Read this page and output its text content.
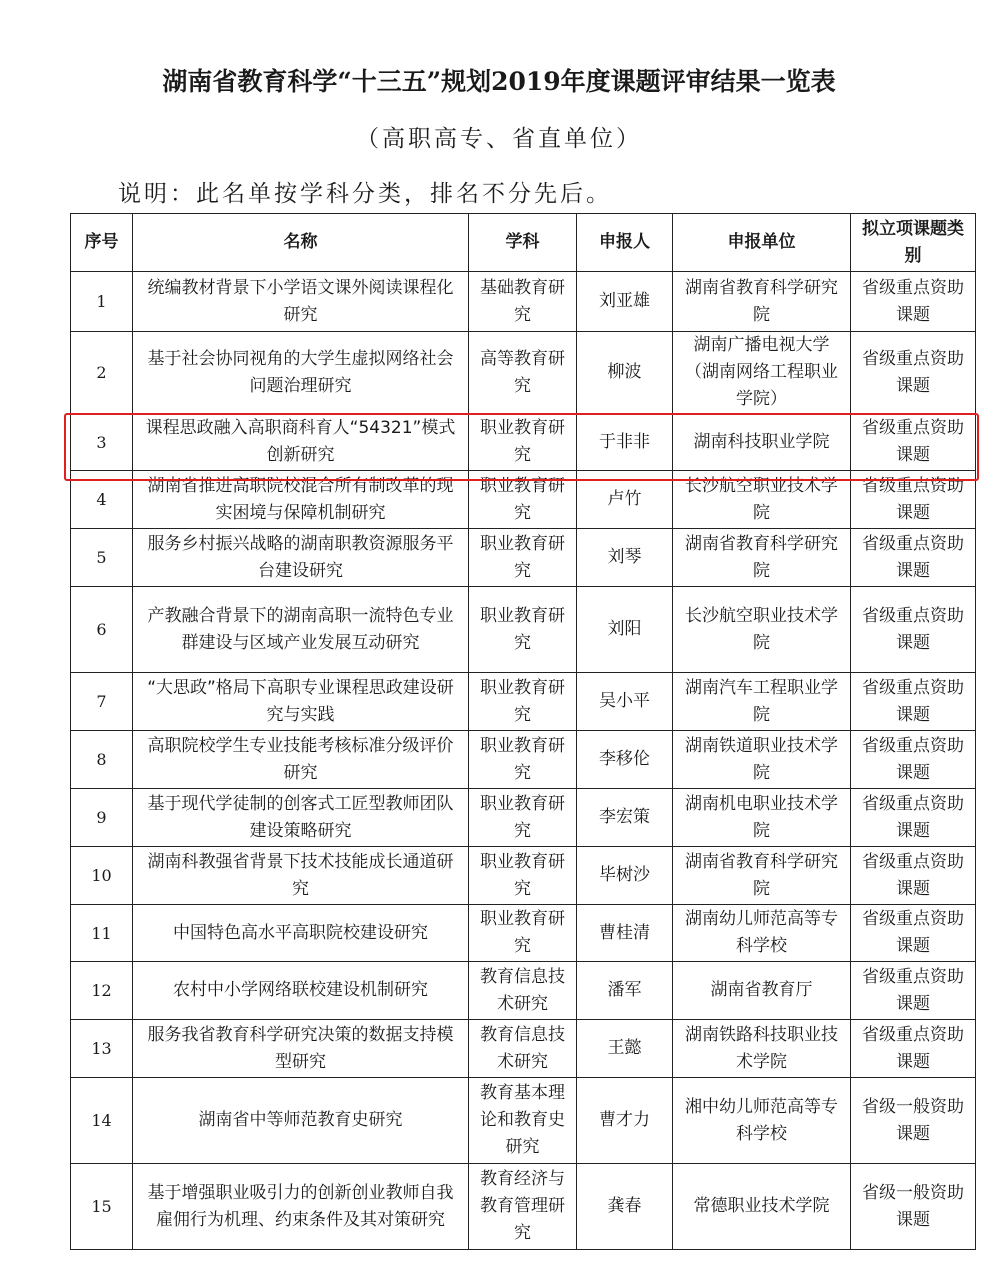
湖南省教育科学“十三五”规划2019年度课题评审结果一览表
（高职高专、省直单位）
说明：此名单按学科分类，排名不分先后。
序号	名称	学科	申报人	申报单位	拟立项课题类别
1	统编教材背景下小学语文课外阅读课程化研究	基础教育研究	刘亚雄	湖南省教育科学研究院	省级重点资助课题
2	基于社会协同视角的大学生虚拟网络社会问题治理研究	高等教育研究	柳波	湖南广播电视大学（湖南网络工程职业学院）	省级重点资助课题
3	课程思政融入高职商科育人“54321”模式创新研究	职业教育研究	于非非	湖南科技职业学院	省级重点资助课题
4	湖南省推进高职院校混合所有制改革的现实困境与保障机制研究	职业教育研究	卢竹	长沙航空职业技术学院	省级重点资助课题
5	服务乡村振兴战略的湖南职教资源服务平台建设研究	职业教育研究	刘琴	湖南省教育科学研究院	省级重点资助课题
6	产教融合背景下的湖南高职一流特色专业群建设与区域产业发展互动研究	职业教育研究	刘阳	长沙航空职业技术学院	省级重点资助课题
7	“大思政”格局下高职专业课程思政建设研究与实践	职业教育研究	吴小平	湖南汽车工程职业学院	省级重点资助课题
8	高职院校学生专业技能考核标准分级评价研究	职业教育研究	李移伦	湖南铁道职业技术学院	省级重点资助课题
9	基于现代学徒制的创客式工匠型教师团队建设策略研究	职业教育研究	李宏策	湖南机电职业技术学院	省级重点资助课题
10	湖南科教强省背景下技术技能成长通道研究	职业教育研究	毕树沙	湖南省教育科学研究院	省级重点资助课题
11	中国特色高水平高职院校建设研究	职业教育研究	曹桂清	湖南幼儿师范高等专科学校	省级重点资助课题
12	农村中小学网络联校建设机制研究	教育信息技术研究	潘军	湖南省教育厅	省级重点资助课题
13	服务我省教育科学研究决策的数据支持模型研究	教育信息技术研究	王懿	湖南铁路科技职业技术学院	省级重点资助课题
14	湖南省中等师范教育史研究	教育基本理论和教育史研究	曹才力	湘中幼儿师范高等专科学校	省级一般资助课题
15	基于增强职业吸引力的创新创业教师自我雇佣行为机理、约束条件及其对策研究	教育经济与教育管理研究	龚春	常德职业技术学院	省级一般资助课题
